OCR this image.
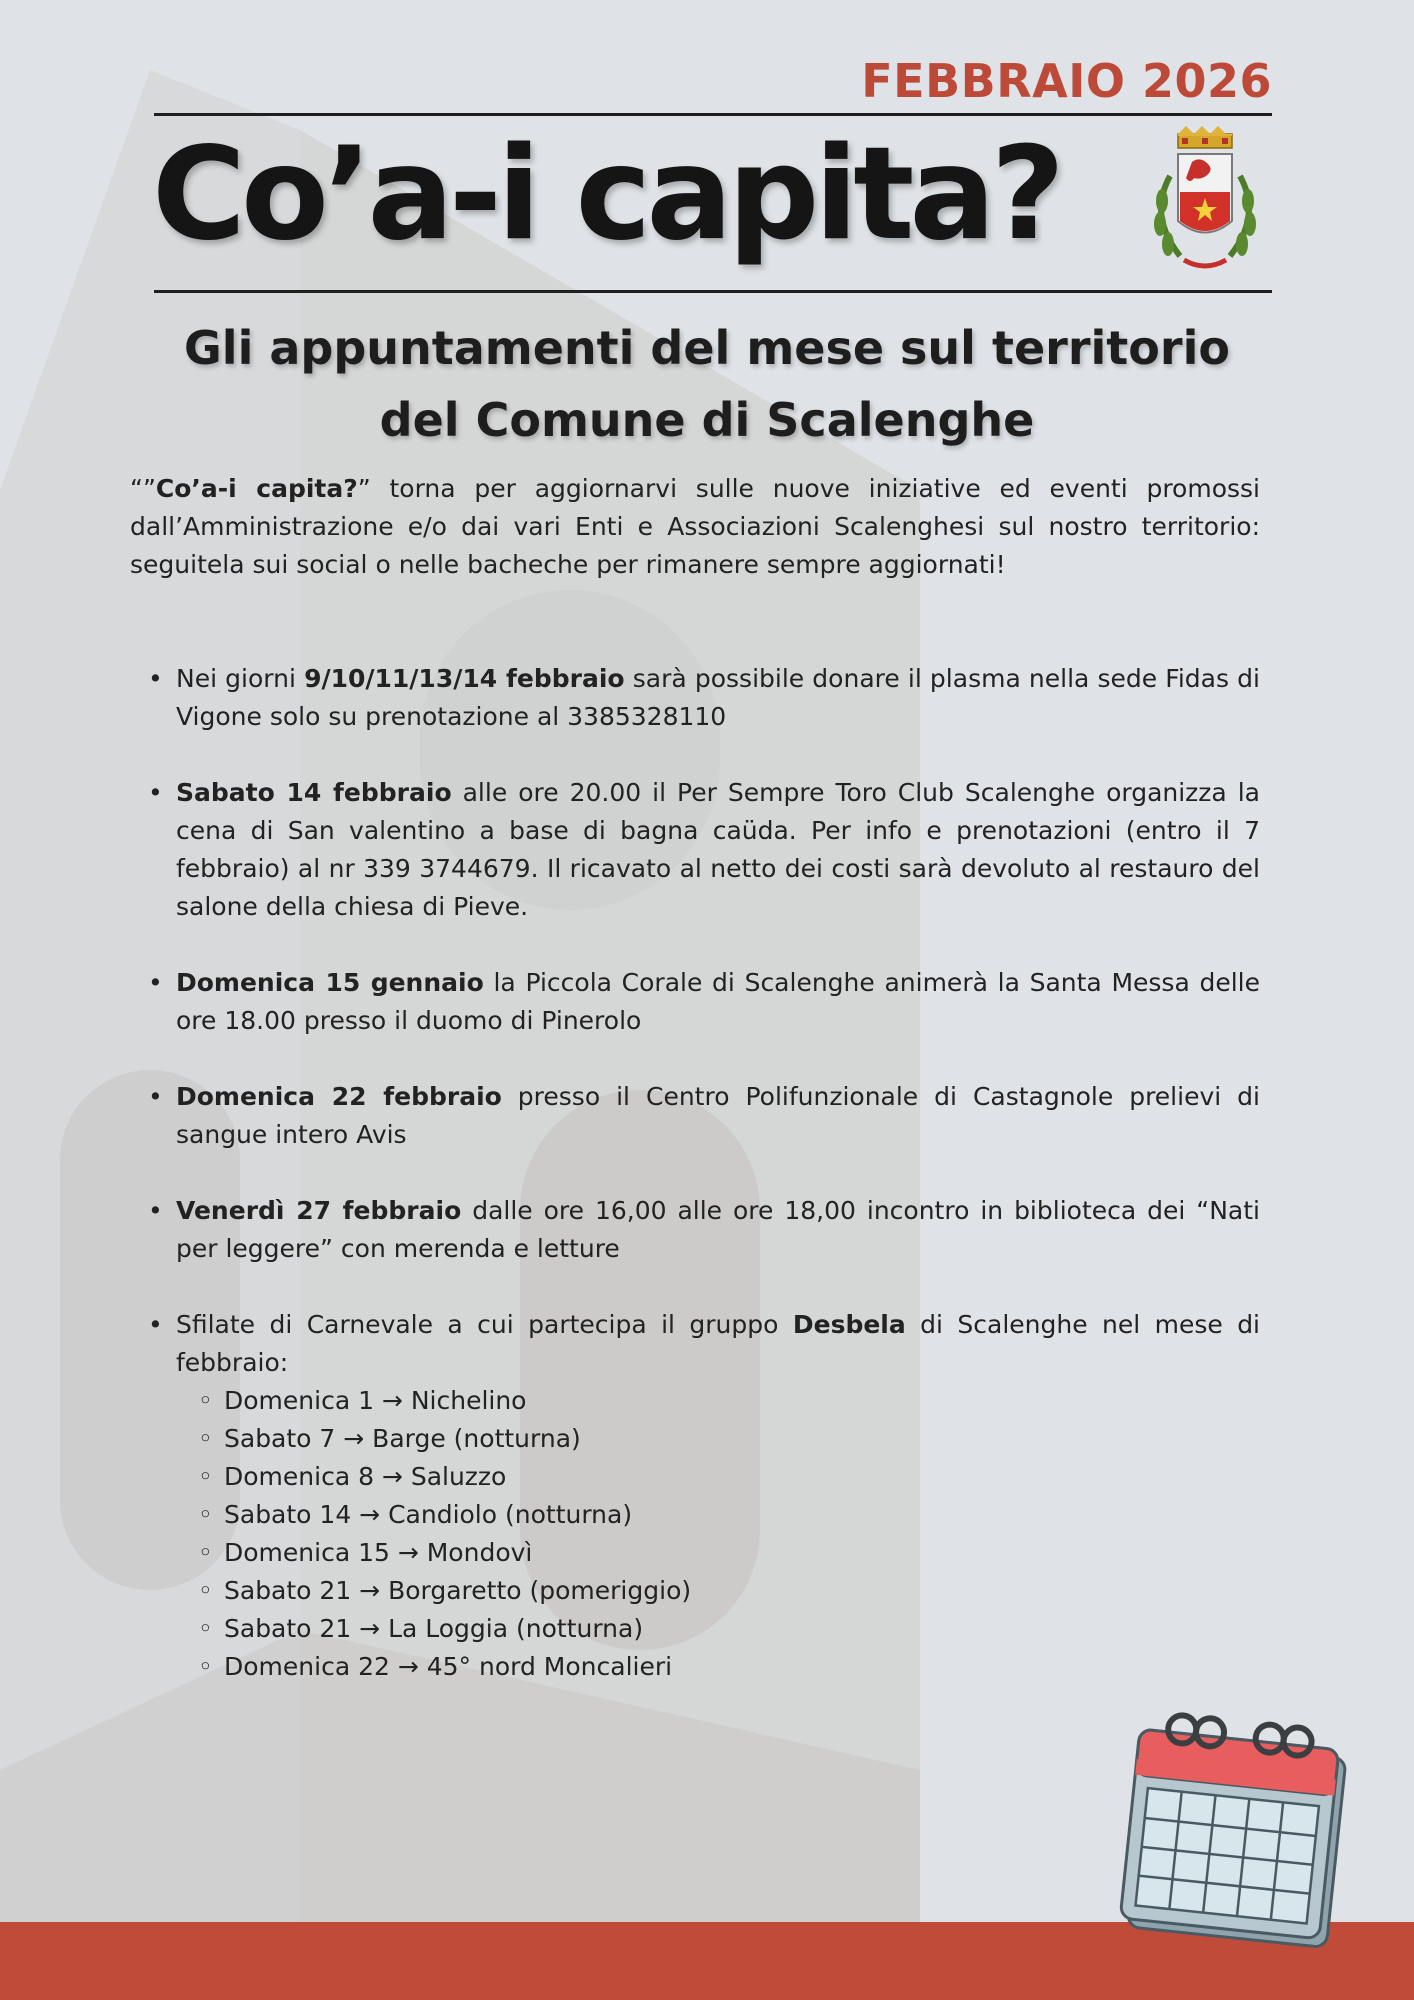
FEBBRAIO 2026
Co’a-i capita?
Gli appuntamenti del mese sul territorio
del Comune di Scalenghe
“”Co’a-i capita?” torna per aggiornarvi sulle nuove iniziative ed eventi promossi dall’Amministrazione e/o dai vari Enti e Associazioni Scalenghesi sul nostro territorio: seguitela sui social o nelle bacheche per rimanere sempre aggiornati!
• Nei giorni 9/10/11/13/14 febbraio sarà possibile donare il plasma nella sede Fidas di Vigone solo su prenotazione al 3385328110
• Sabato 14 febbraio alle ore 20.00 il Per Sempre Toro Club Scalenghe organizza la cena di San valentino a base di bagna caüda. Per info e prenotazioni (entro il 7 febbraio) al nr 339 3744679. Il ricavato al netto dei costi sarà devoluto al restauro del salone della chiesa di Pieve.
• Domenica 15 gennaio la Piccola Corale di Scalenghe animerà la Santa Messa delle ore 18.00 presso il duomo di Pinerolo
• Domenica 22 febbraio presso il Centro Polifunzionale di Castagnole prelievi di sangue intero Avis
• Venerdì 27 febbraio dalle ore 16,00 alle ore 18,00 incontro in biblioteca dei “Nati per leggere” con merenda e letture
• Sfilate di Carnevale a cui partecipa il gruppo Desbela di Scalenghe nel mese di febbraio:
◦ Domenica 1 → Nichelino
◦ Sabato 7 → Barge (notturna)
◦ Domenica 8 → Saluzzo
◦ Sabato 14 → Candiolo (notturna)
◦ Domenica 15 → Mondovì
◦ Sabato 21 → Borgaretto (pomeriggio)
◦ Sabato 21 → La Loggia (notturna)
◦ Domenica 22 → 45° nord Moncalieri
